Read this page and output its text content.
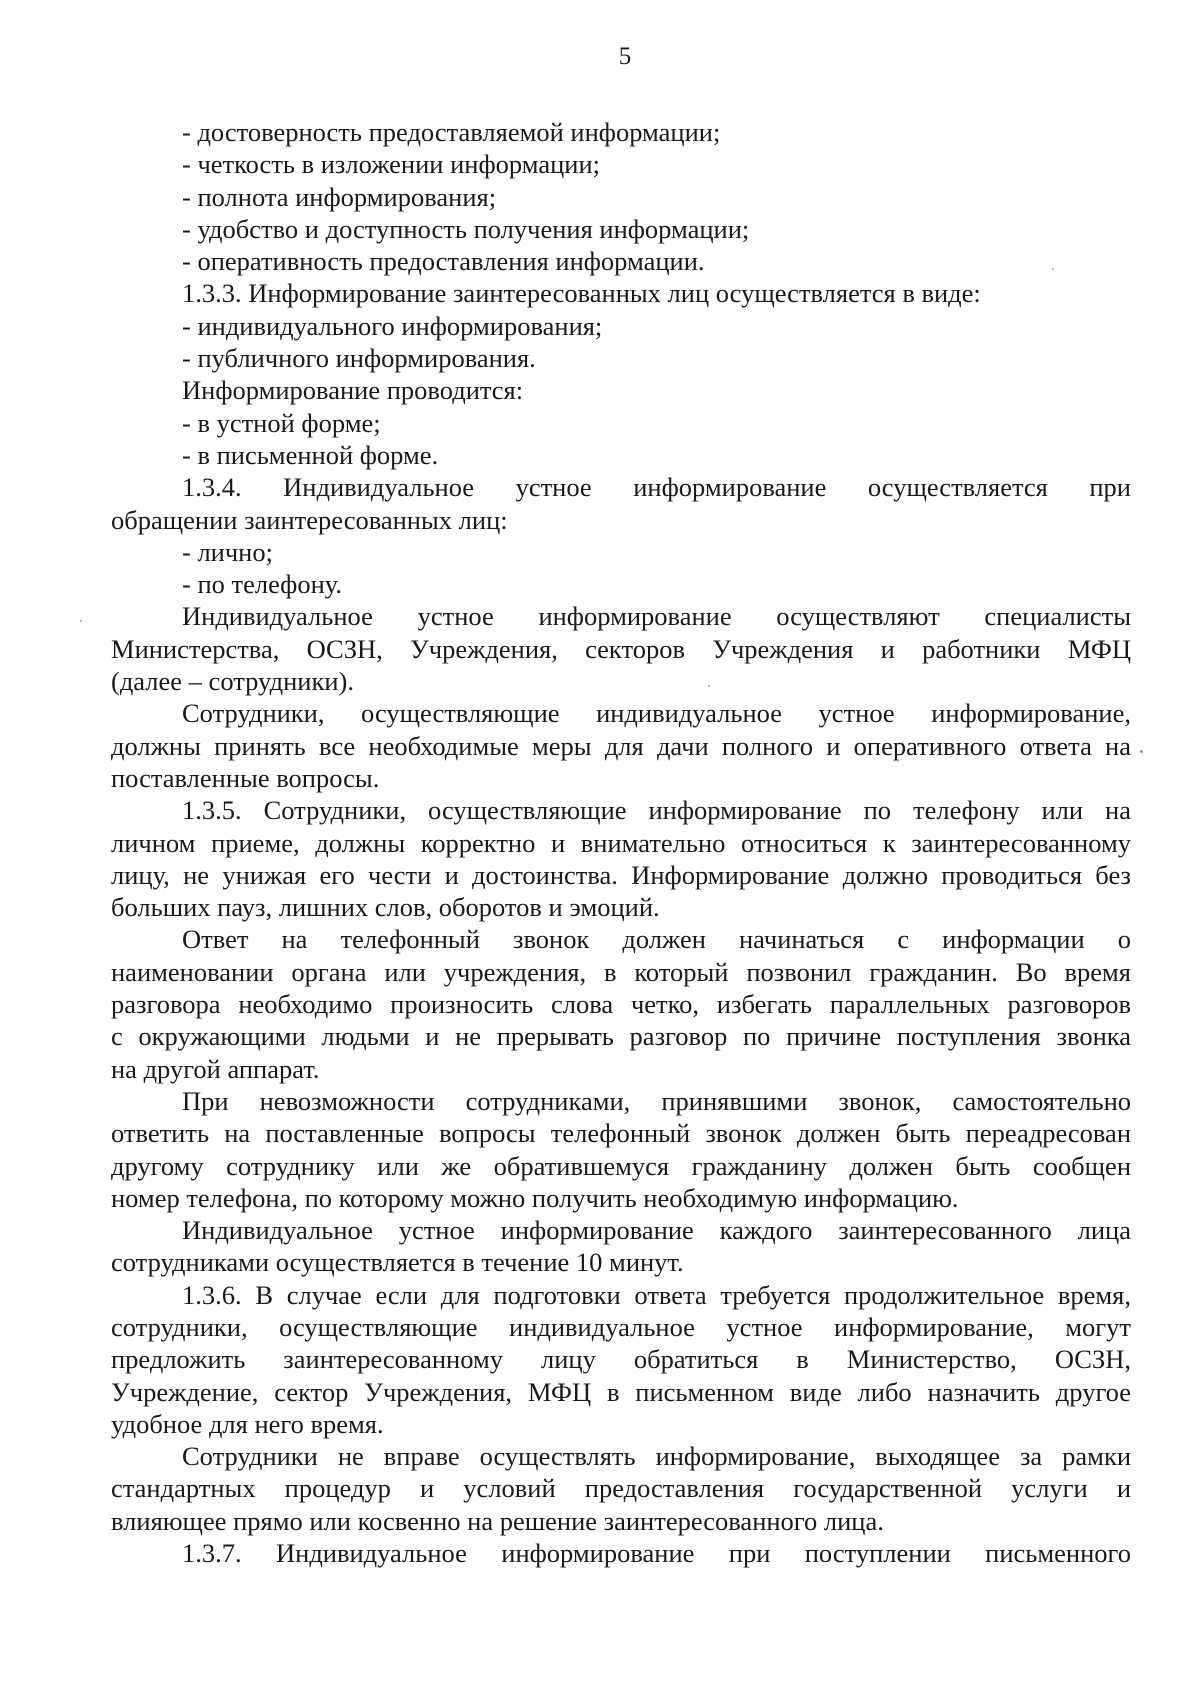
5
- достоверность предоставляемой информации;
- четкость в изложении информации;
- полнота информирования;
- удобство и доступность получения информации;
- оперативность предоставления информации.
1.3.3. Информирование заинтересованных лиц осуществляется в виде:
- индивидуального информирования;
- публичного информирования.
Информирование проводится:
- в устной форме;
- в письменной форме.
1.3.4. Индивидуальное устное информирование осуществляется при
обращении заинтересованных лиц:
- лично;
- по телефону.
Индивидуальное устное информирование осуществляют специалисты
Министерства, ОСЗН, Учреждения, секторов Учреждения и работники МФЦ
(далее – сотрудники).
Сотрудники, осуществляющие индивидуальное устное информирование,
должны принять все необходимые меры для дачи полного и оперативного ответа на
поставленные вопросы.
1.3.5. Сотрудники, осуществляющие информирование по телефону или на
личном приеме, должны корректно и внимательно относиться к заинтересованному
лицу, не унижая его чести и достоинства. Информирование должно проводиться без
больших пауз, лишних слов, оборотов и эмоций.
Ответ на телефонный звонок должен начинаться с информации о
наименовании органа или учреждения, в который позвонил гражданин. Во время
разговора необходимо произносить слова четко, избегать параллельных разговоров
с окружающими людьми и не прерывать разговор по причине поступления звонка
на другой аппарат.
При невозможности сотрудниками, принявшими звонок, самостоятельно
ответить на поставленные вопросы телефонный звонок должен быть переадресован
другому сотруднику или же обратившемуся гражданину должен быть сообщен
номер телефона, по которому можно получить необходимую информацию.
Индивидуальное устное информирование каждого заинтересованного лица
сотрудниками осуществляется в течение 10 минут.
1.3.6. В случае если для подготовки ответа требуется продолжительное время,
сотрудники, осуществляющие индивидуальное устное информирование, могут
предложить заинтересованному лицу обратиться в Министерство, ОСЗН,
Учреждение, сектор Учреждения, МФЦ в письменном виде либо назначить другое
удобное для него время.
Сотрудники не вправе осуществлять информирование, выходящее за рамки
стандартных процедур и условий предоставления государственной услуги и
влияющее прямо или косвенно на решение заинтересованного лица.
1.3.7. Индивидуальное информирование при поступлении письменного
